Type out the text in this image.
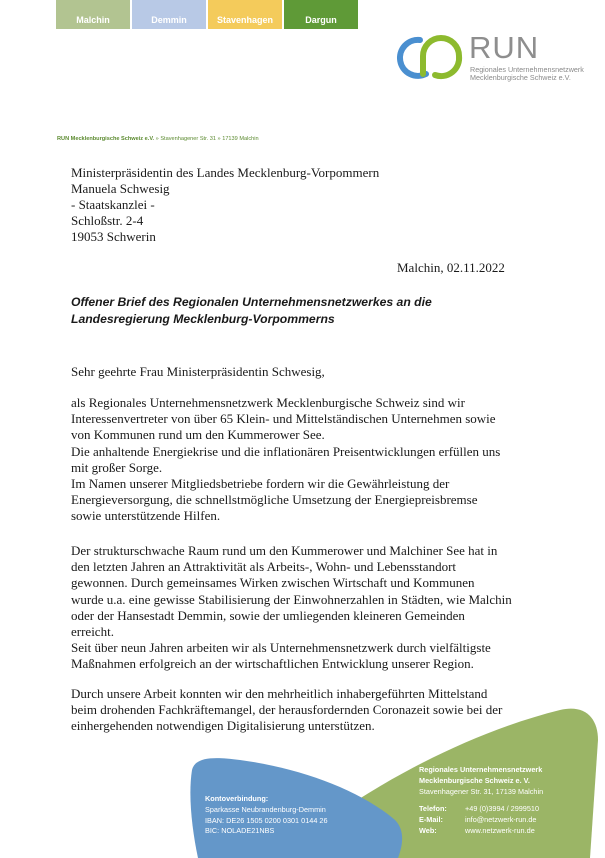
Malchin	Demmin	Stavenhagen	Dargun
RUN
Regionales Unternehmensnetzwerk
Mecklenburgische Schweiz e.V.
RUN Mecklenburgische Schweiz e.V. » Stavenhagener Str. 31 » 17139 Malchin
Ministerpräsidentin des Landes Mecklenburg-Vorpommern
Manuela Schwesig
- Staatskanzlei -
Schloßstr. 2-4
19053 Schwerin
Malchin, 02.11.2022
Offener Brief des Regionalen Unternehmensnetzwerkes an die
Landesregierung Mecklenburg-Vorpommerns
Sehr geehrte Frau Ministerpräsidentin Schwesig,
als Regionales Unternehmensnetzwerk Mecklenburgische Schweiz sind wir
Interessenvertreter von über 65 Klein- und Mittelständischen Unternehmen sowie
von Kommunen rund um den Kummerower See.
Die anhaltende Energiekrise und die inflationären Preisentwicklungen erfüllen uns
mit großer Sorge.
Im Namen unserer Mitgliedsbetriebe fordern wir die Gewährleistung der
Energieversorgung, die schnellstmögliche Umsetzung der Energiepreisbremse
sowie unterstützende Hilfen.
Der strukturschwache Raum rund um den Kummerower und Malchiner See hat in
den letzten Jahren an Attraktivität als Arbeits-, Wohn- und Lebensstandort
gewonnen. Durch gemeinsames Wirken zwischen Wirtschaft und Kommunen
wurde u.a. eine gewisse Stabilisierung der Einwohnerzahlen in Städten, wie Malchin
oder der Hansestadt Demmin, sowie der umliegenden kleineren Gemeinden
erreicht.
Seit über neun Jahren arbeiten wir als Unternehmensnetzwerk durch vielfältigste
Maßnahmen erfolgreich an der wirtschaftlichen Entwicklung unserer Region.
Durch unsere Arbeit konnten wir den mehrheitlich inhabergeführten Mittelstand
beim drohenden Fachkräftemangel, der herausfordernden Coronazeit sowie bei der
einhergehenden notwendigen Digitalisierung unterstützen.
Kontoverbindung:
Sparkasse Neubrandenburg-Demmin
IBAN: DE26 1505 0200 0301 0144 26
BIC: NOLADE21NBS
Regionales Unternehmensnetzwerk
Mecklenburgische Schweiz e. V.
Stavenhagener Str. 31, 17139 Malchin
Telefon:	+49 (0)3994 / 2999510
E-Mail:	info@netzwerk-run.de
Web:	www.netzwerk-run.de
